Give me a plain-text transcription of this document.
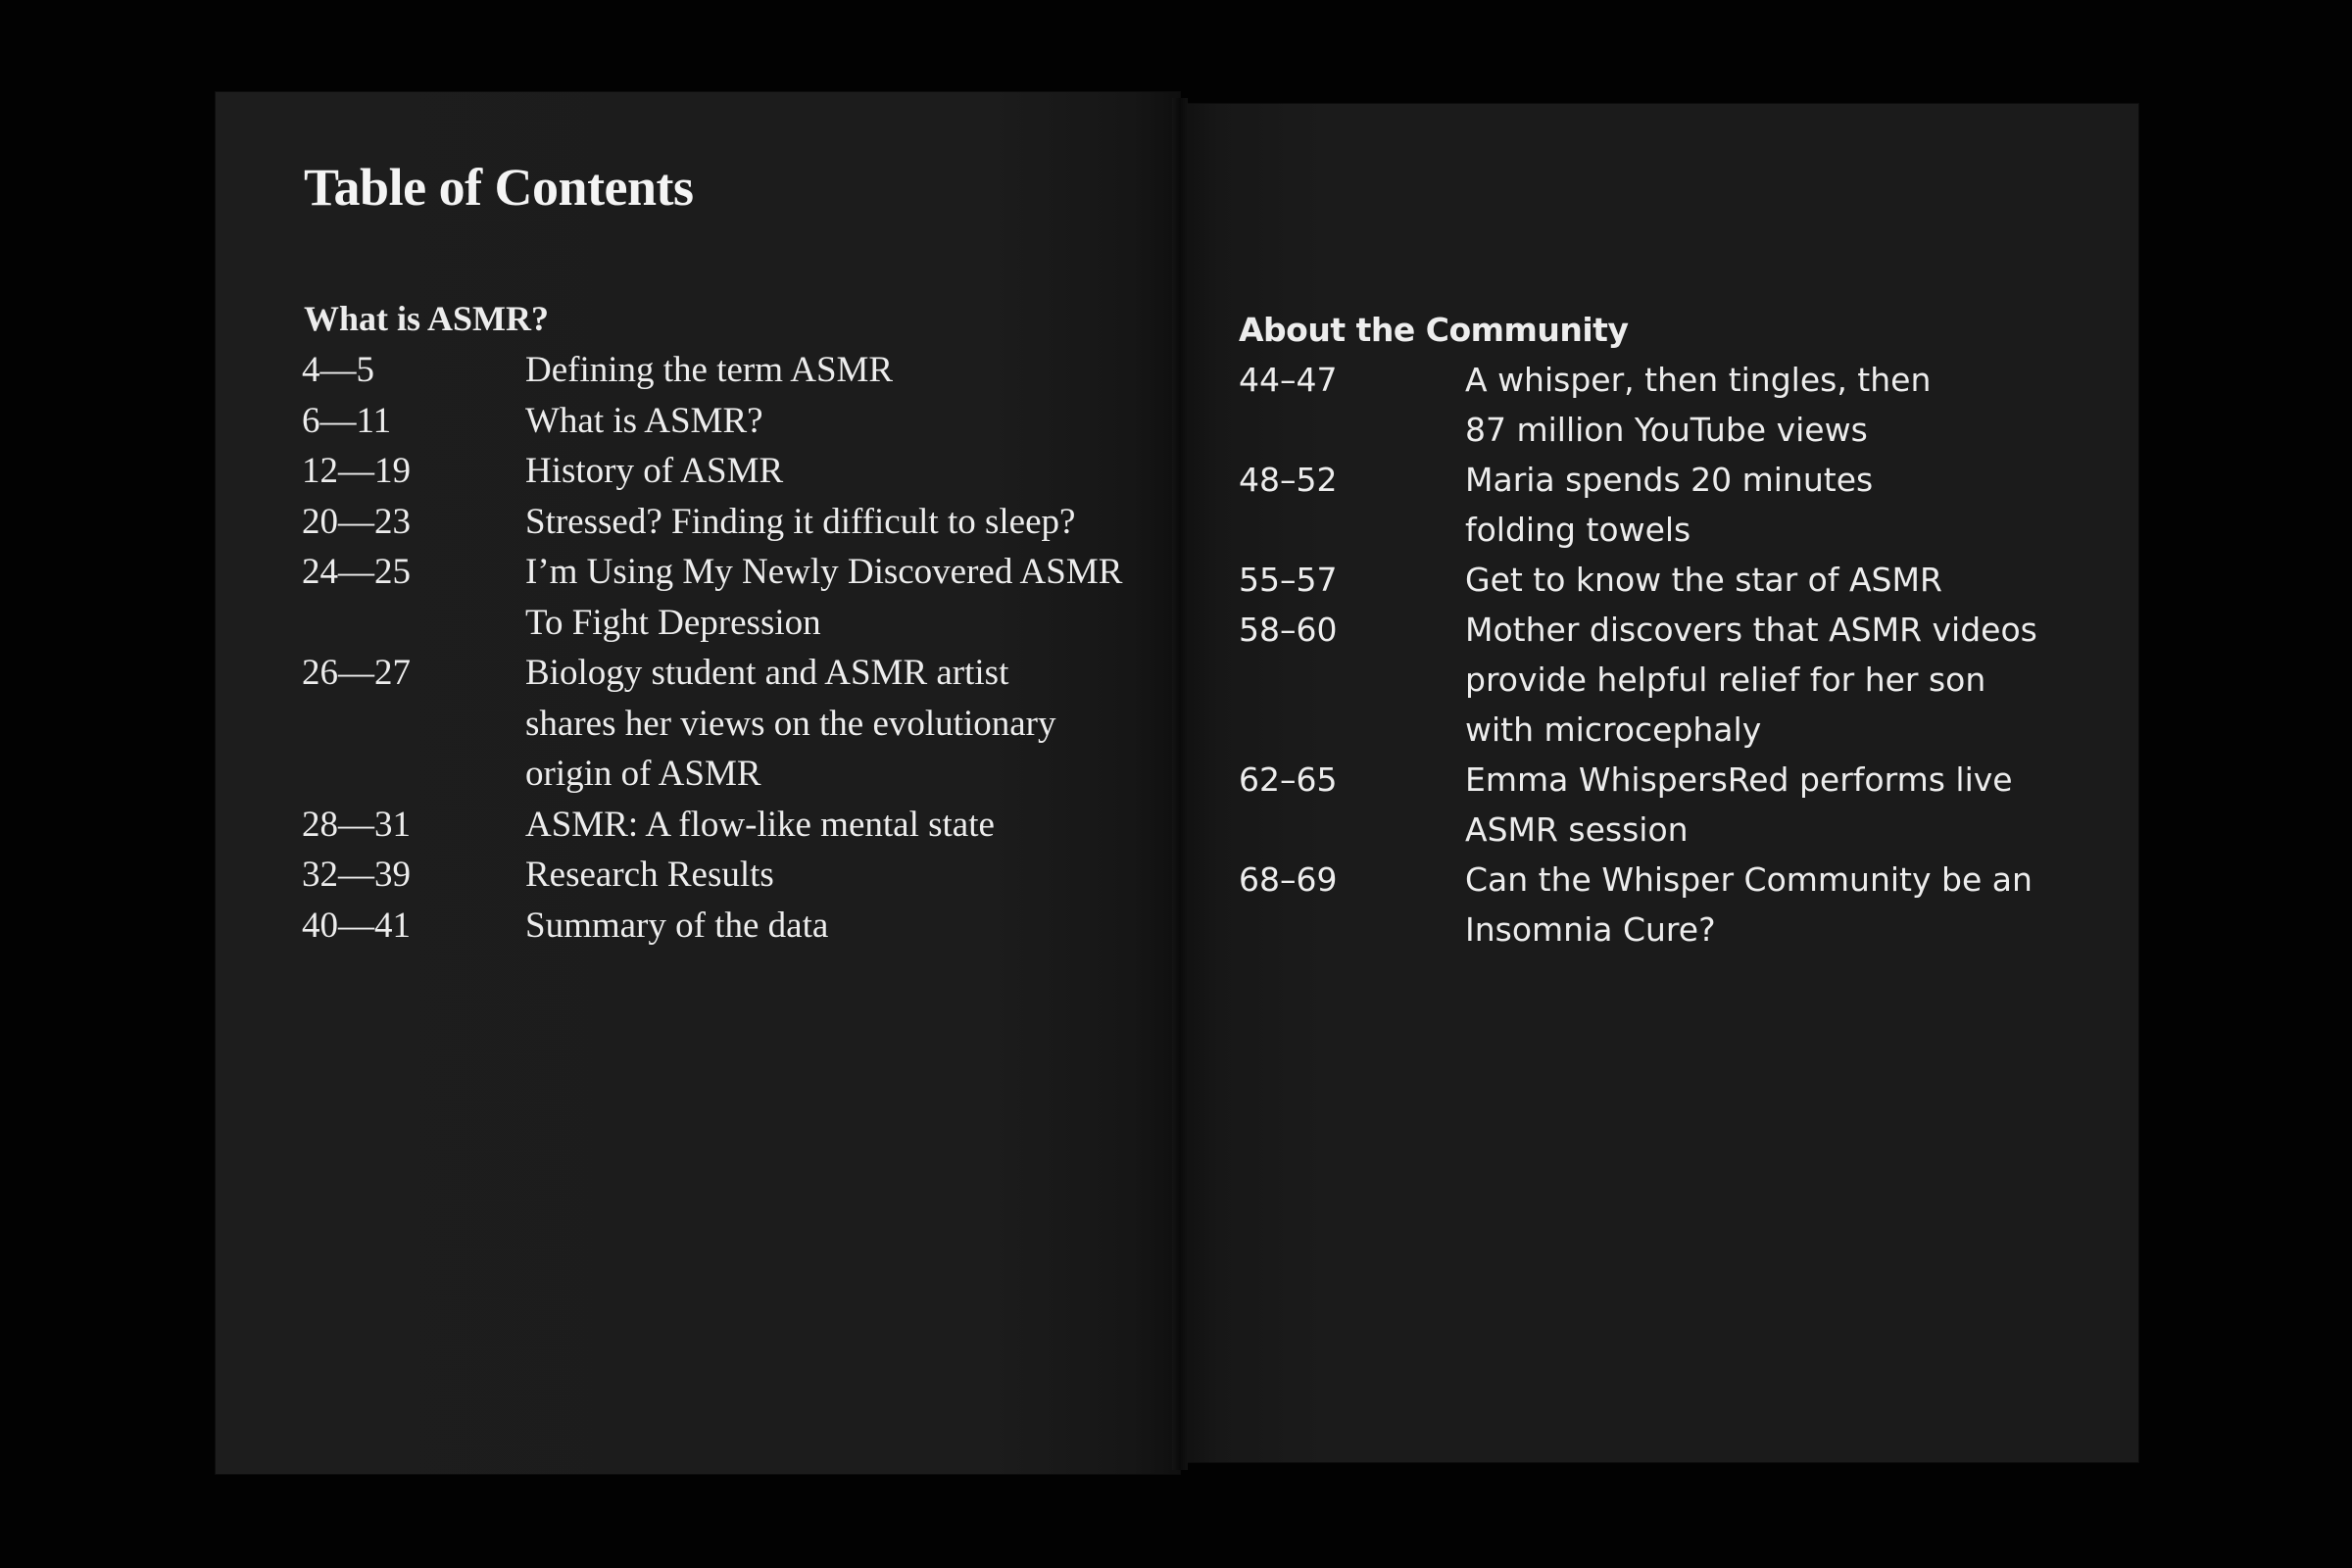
Table of Contents
What is ASMR?
4—5	Defining the term ASMR
6—11	What is ASMR?
12—19	History of ASMR
20—23	Stressed? Finding it difficult to sleep?
24—25	I’m Using My Newly Discovered ASMR
To Fight Depression
26—27	Biology student and ASMR artist
shares her views on the evolutionary
origin of ASMR
28—31	ASMR: A flow-like mental state
32—39	Research Results
40—41	Summary of the data
About the Community
44–47	A whisper, then tingles, then
87 million YouTube views
48–52	Maria spends 20 minutes
folding towels
55–57	Get to know the star of ASMR
58–60	Mother discovers that ASMR videos
provide helpful relief for her son
with microcephaly
62–65	Emma WhispersRed performs live
ASMR session
68–69	Can the Whisper Community be an
Insomnia Cure?
